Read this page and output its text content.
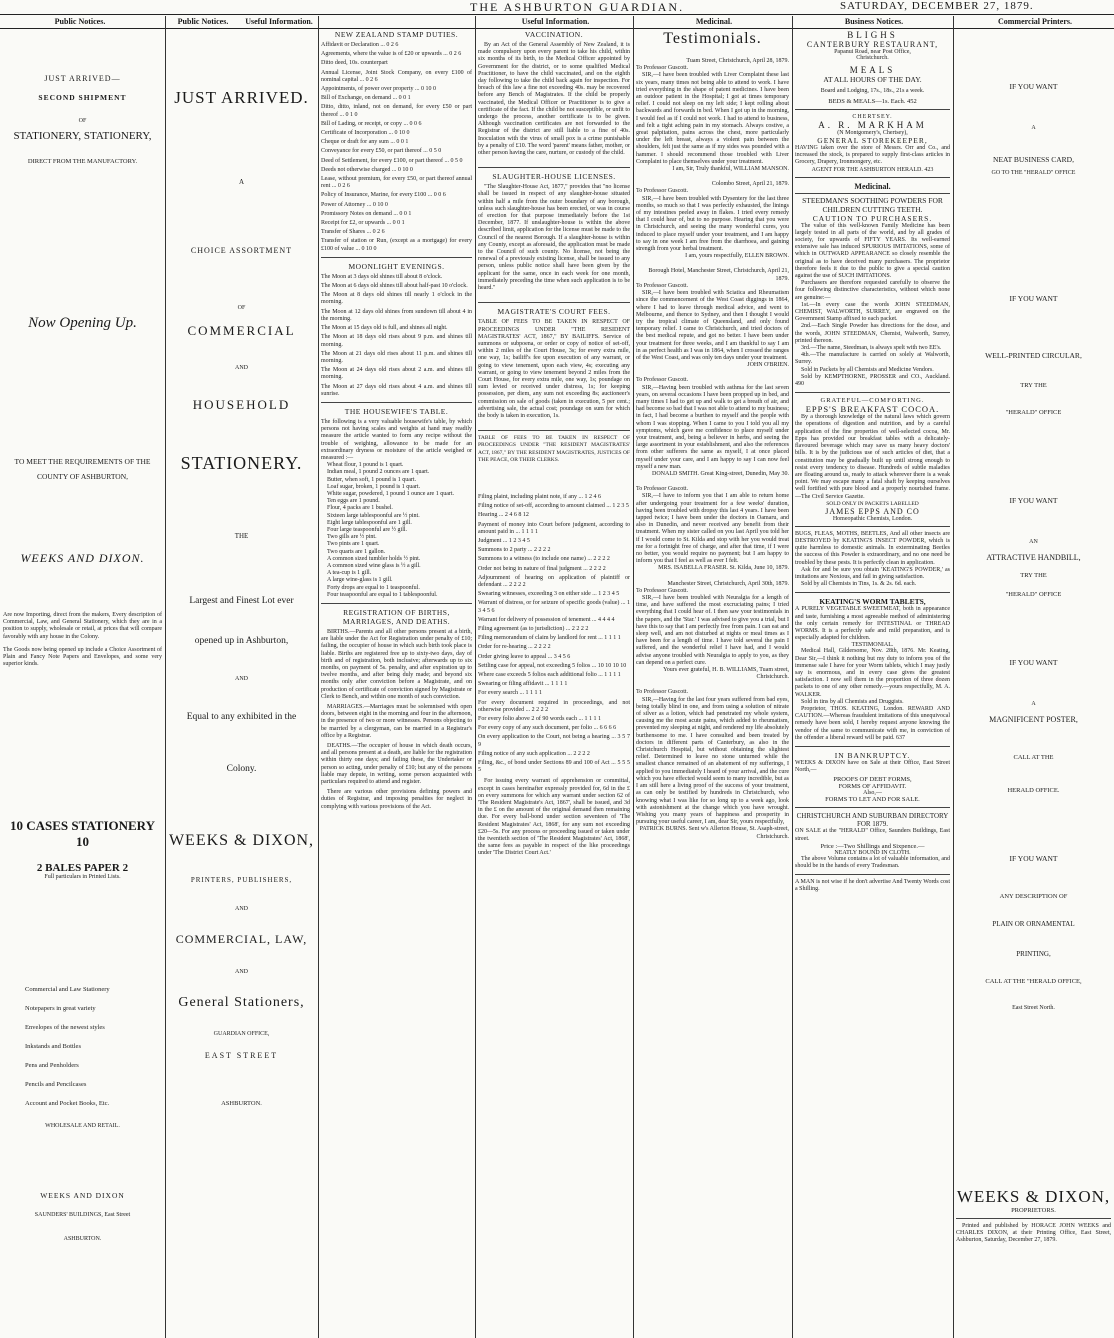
THE ASHBURTON GUARDIAN.	SATURDAY, DECEMBER 27, 1879.
Public Notices.	Public Notices.	Useful Information.	Useful Information.	Medicinal.	Business Notices.	Commercial Printers.
JUST ARRIVED—
SECOND SHIPMENT
OF
STATIONERY, STATIONERY,
DIRECT FROM THE MANUFACTORY.
Now Opening Up.
TO MEET THE REQUIREMENTS OF THE
COUNTY OF ASHBURTON,
WEEKS AND DIXON.
Are now Importing, direct from the makers, Every description of Commercial, Law, and General Stationery, which they are in a position to supply, wholesale or retail, at prices that will compare favorably with any house in the Colony.
The Goods now being opened up include a Choice Assortment of Plain and Fancy Note Papers and Envelopes, and some very superior kinds.
10 CASES STATIONERY 10
2 BALES PAPER 2
Full particulars in Printed Lists.
Commercial and Law Stationery
Notepapers in great variety
Envelopes of the newest styles
Inkstands and Bottles
Pens and Penholders
Pencils and Pencilcases
Account and Pocket Books, Etc.
WHOLESALE AND RETAIL.
WEEKS AND DIXON
SAUNDERS' BUILDINGS, East Street
ASHBURTON.
JUST ARRIVED.
A
CHOICE ASSORTMENT
OF
COMMERCIAL
AND
HOUSEHOLD
STATIONERY.
THE
Largest and Finest Lot ever
opened up in Ashburton,
AND
Equal to any exhibited in the
Colony.
WEEKS & DIXON,
PRINTERS, PUBLISHERS,
AND
COMMERCIAL, LAW,
AND
General Stationers,
GUARDIAN OFFICE,
EAST STREET
ASHBURTON.
NEW ZEALAND STAMP DUTIES.
Affidavit or Declaration ... 0 2 6
Agreements, where the value is of £20 or upwards ... 0 2 6
Ditto deed, 10s. counterpart
Annual License, Joint Stock Company, on every £100 of nominal capital ... 0 2 6
Appointments, of power over property ... 0 10 0
Bill of Exchange, on demand ... 0 0 1
Ditto, ditto, inland, not on demand, for every £50 or part thereof ... 0 1 0
Bill of Lading, or receipt, or copy ... 0 0 6
Certificate of Incorporation ... 0 10 0
Cheque or draft for any sum ... 0 0 1
Conveyance for every £50, or part thereof ... 0 5 0
Deed of Settlement, for every £100, or part thereof ... 0 5 0
Deeds not otherwise charged ... 0 10 0
Lease, without premium, for every £50, or part thereof annual rent ... 0 2 6
Policy of Insurance, Marine, for every £100 ... 0 0 6
Power of Attorney ... 0 10 0
Promissory Notes on demand ... 0 0 1
Receipt for £2, or upwards ... 0 0 1
Transfer of Shares ... 0 2 6
Transfer of station or Run, (except as a mortgage) for every £100 of value ... 0 10 0
MOONLIGHT EVENINGS.
The Moon at 3 days old shines till about 8 o'clock.
The Moon at 6 days old shines till about half-past 10 o'clock.
The Moon at 8 days old shines till nearly 1 o'clock in the morning.
The Moon at 12 days old shines from sundown till about 4 in the morning.
The Moon at 15 days old is full, and shines all night.
The Moon at 18 days old rises about 9 p.m. and shines till morning.
The Moon at 21 days old rises about 11 p.m. and shines till morning.
The Moon at 24 days old rises about 2 a.m. and shines till morning.
The Moon at 27 days old rises about 4 a.m. and shines till sunrise.
THE HOUSEWIFE'S TABLE.
The following is a very valuable housewife's table, by which persons not having scales and weights at hand may readily measure the article wanted to form any recipe without the trouble of weighing, allowance to be made for an extraordinary dryness or moisture of the article weighed or measured :—
Wheat flour, 1 pound is 1 quart.
Indian meal, 1 pound 2 ounces are 1 quart.
Butter, when soft, 1 pound is 1 quart.
Loaf sugar, broken, 1 pound is 1 quart.
White sugar, powdered, 1 pound 1 ounce are 1 quart.
Ten eggs are 1 pound.
Flour, 4 packs are 1 bushel.
Sixteen large tablespoonful are ½ pint.
Eight large tablespoonful are 1 gill.
Four large teaspoonful are ½ gill.
Two gills are ½ pint.
Two pints are 1 quart.
Two quarts are 1 gallon.
A common sized tumbler holds ½ pint.
A common sized wine glass is ½ a gill.
A tea-cup is 1 gill.
A large wine-glass is 1 gill.
Forty drops are equal to 1 teaspoonful.
Four teaspoonful are equal to 1 tablespoonful.
REGISTRATION OF BIRTHS, MARRIAGES, AND DEATHS.

BIRTHS.—Parents and all other persons present at a birth, are liable under the Act for Registration under penalty of £10; failing, the occupier of house in which such birth took place is liable. Births are registered free up to sixty-two days, day of birth and of registration, both inclusive; afterwards up to six months, on payment of 5s. penalty, and after expiration up to twelve months, and after being duly made; and beyond six months only after conviction before a Magistrate, and on production of certificate of conviction signed by Magistrate or Clerk to Bench, and within one month of such conviction.

MARRIAGES.—Marriages must be solemnised with open doors, between eight in the morning and four in the afternoon, in the presence of two or more witnesses. Persons objecting to be married by a clergyman, can be married in a Registrar's office by a Registrar.

DEATHS.—The occupier of house in which death occurs, and all persons present at a death, are liable for the registration within thirty one days; and failing these, the Undertaker or person so acting, under penalty of £10; but any of the persons liable may depute, in writing, some person acquainted with particulars required to attend and register.

There are various other provisions defining powers and duties of Registrar, and imposing penalties for neglect in complying with various provisions of the Act.

VACCINATION.
By an Act of the General Assembly of New Zealand, it is made compulsory upon every parent to take his child, within six months of its birth, to the Medical Officer appointed by Government for the district, or to some qualified Medical Practitioner, to have the child vaccinated, and on the eighth day following to take the child back again for inspection. For breach of this law a fine not exceeding 40s. may be recovered before any Bench of Magistrates. If the child be properly vaccinated, the Medical Officer or Practitioner is to give a certificate of the fact. If the child be not susceptible, or unfit to undergo the process, another certificate is to be given. Although vaccination certificates are not forwarded to the Registrar of the district are still liable to a fine of 40s. Inoculation with the virus of small pox is a crime punishable by a penalty of £10. The word 'parent' means father, mother, or other person having the care, nurture, or custody of the child.
SLAUGHTER-HOUSE LICENSES.
"The Slaughter-House Act, 1877," provides that "no license shall be issued in respect of any slaughter-house situated within half a mile from the outer boundary of any borough, unless such slaughter-house has been erected, or was in course of erection for that purpose immediately before the 1st December, 1877. If unslaughter-house is within the above described limit, application for the license must be made to the Council of the nearest Borough. If a slaughter-house is within any County, except as aforesaid, the application must be made to the Council of such county. No license, not being the renewal of a previously existing license, shall be issued to any person, unless public notice shall have been given by the applicant for the same, once in each week for one month, immediately preceding the time when such application is to be heard."
MAGISTRATE'S COURT FEES.
TABLE OF FEES TO BE TAKEN IN RESPECT OF PROCEEDINGS UNDER "THE RESIDENT MAGISTRATES' ACT, 1867," BY BAILIFFS. Service of summons or subpoena, or order or copy of notice of set-off, within 2 miles of the Court House, 3s; for every extra mile, one way, 1s; bailiff's fee upon execution of any warrant, or going to view tenement, upon each view, 4s; executing any warrant, or going to view tenement beyond 2 miles from the Court House, for every extra mile, one way, 1s; poundage on sum levied or received under distress, 1s; for keeping possession, per diem, any sum not exceeding 8s; auctioneer's commission on sale of goods (taken in execution, 5 per cent.; advertising sale, the actual cost; poundage on sum for which the body is taken in execution, 1s.
TABLE OF FEES TO BE TAKEN IN RESPECT OF PROCEEDINGS UNDER "THE RESIDENT MAGISTRATES' ACT, 1867," BY THE RESIDENT MAGISTRATES, JUSTICES OF THE PEACE, OR THEIR CLERKS.
Filing plaint, including plaint note, if any ... 1 2 4 6
Filing notice of set-off, according to amount claimed ... 1 2 3 5
Hearing ... 2 4 6 8 12
Payment of money into Court before judgment, according to amount paid in ... 1 1 1 1
Judgment ... 1 2 3 4 5
Summons to 2 party ... 2 2 2 2
Summons to a witness (to include one name) ... 2 2 2 2
Order not being in nature of final judgment ... 2 2 2 2
Adjournment of hearing on application of plaintiff or defendant ... 2 2 2 2
Swearing witnesses, exceeding 3 on either side ... 1 2 3 4 5
Warrant of distress, or for seizure of specific goods (value) ... 1 3 4 5 6
Warrant for delivery of possession of tenement ... 4 4 4 4
Filing agreement (as to jurisdiction) ... 2 2 2 2
Filing memorandum of claim by landlord for rent ... 1 1 1 1
Order for re-hearing ... 2 2 2 2
Order giving leave to appeal ... 3 4 5 6
Settling case for appeal, not exceeding 5 folios ... 10 10 10 10
Where case exceeds 5 folios each additional folio ... 1 1 1 1
Swearing or filing affidavit ... 1 1 1 1
For every search ... 1 1 1 1
For every document required in proceedings, and not otherwise provided ... 2 2 2 2
For every folio above 2 of 90 words each ... 1 1 1 1
For every copy of any such document, per folio ... 6 6 6 6
On every application to the Court, not being a hearing ... 3 5 7 9
Filing notice of any such application ... 2 2 2 2
Filing, &c., of bond under Sections 89 and 100 of Act ... 5 5 5 5
For issuing every warrant of apprehension or committal, except in cases hereinafter expressly provided for, 6d in the £ on every summons for which any warrant under section 62 of 'The Resident Magistrate's Act, 1867', shall be issued, and 3d in the £ on the amount of the original demand then remaining due. For every ball-bond under section seventeen of 'The Resident Magistrates' Act, 1868', for any sum not exceeding £20—5s. For any process or proceeding issued or taken under the twentieth section of 'The Resident Magistrates' Act, 1868', the same fees as payable in respect of the like proceedings under 'The District Court Act.'
Testimonials.
Tuam Street, Christchurch, April 28, 1879.
To Professor Guscott.
SIR,—I have been troubled with Liver Complaint these last six years, many times not being able to attend to work. I have tried everything in the shape of patent medicines. I have been an outdoor patient in the Hospital; I got at times temporary relief. I could not sleep on my left side; I kept rolling about backwards and forwards in bed. When I got up in the morning, I would feel as if I could not work. I had to attend to business, and felt a tight aching pain in my stomach. Always costive, a great palpitation, pains across the chest, more particularly under the left breast, always a violent pain between the shoulders, felt just the same as if my sides was pounded with a hammer. I should recommend those troubled with Liver Complaint to place themselves under your treatment.
I am, Sir, Truly thankful, WILLIAM MANSON.
Colombo Street, April 21, 1879.
To Professor Guscott.
SIR,—I have been troubled with Dysentery for the last three months, so much so that I was perfectly exhausted, the linings of my intestines peeled away in flakes. I tried every remedy that I could hear of, but to no purpose. Hearing that you were in Christchurch, and seeing the many wonderful cures, you induced to place myself under your treatment, and I am happy to say in one week I am free from the diarrhoea, and gaining strength from your herbal treatment.
I am, yours respectfully, ELLEN BROWN.
Borough Hotel, Manchester Street, Christchurch, April 21, 1879.
To Professor Guscott.
SIR,—I have been troubled with Sciatica and Rheumatism since the commencement of the West Coast diggings in 1864, where I had to leave through medical advice, and went to Melbourne, and thence to Sydney, and then I thought I would try the tropical climate of Queensland, and only found temporary relief. I came to Christchurch, and tried doctors of the best medical repute, and got no better. I have been under your treatment for three weeks, and I am thankful to say I am in as perfect health as I was in 1864, when I crossed the ranges of the West Coast, and was only ten days under your treatment.
JOHN O'BRIEN.
To Professor Guscott.
SIR,—Having been troubled with asthma for the last seven years, on several occasions I have been propped up in bed, and many times I had to get up and walk to get a breath of air, and had become so bad that I was not able to attend to my business; in fact, I had become a burthen to myself and the people with whom I was stopping. When I came to you I told you all my symptoms, which gave me confidence to place myself under your treatment, and, being a believer in herbs, and seeing the large assortment in your establishment, and also the references from other sufferers the same as myself, I at once placed myself under your care, and I am happy to say I can now feel myself a new man.
DONALD SMITH. Great King-street, Dunedin, May 30.
To Professor Guscott.
SIR,—I have to inform you that I am able to return home after undergoing your treatment for a few weeks' duration, having been troubled with dropsy this last 4 years. I have been tapped twice; I have been under the doctors in Oamaru, and also in Dunedin, and never received any benefit from their treatment. When my sister called on you last April you told her if I would come to St. Kilda and stop with her you would treat me for a fortnight free of charge, and after that time, if I were no better, you would require no payment; but I am happy to inform you that I feel as well as ever I felt.
MRS. ISABELLA FRASER. St. Kilda, June 10, 1879.
Manchester Street, Christchurch, April 30th, 1879.
To Professor Guscott.
SIR,—I have been troubled with Neuralgia for a length of time, and have suffered the most excruciating pains; I tried everything that I could hear of. I then saw your testimonials in the papers, and the 'Star.' I was advised to give you a trial, but I have this to say that I am perfectly free from pain. I can eat and sleep well, and am not disturbed at nights or meal times as I have been for a length of time. I have told several the pain I suffered, and the wonderful relief I have had, and I would advise anyone troubled with Neuralgia to apply to you, as they can depend on a perfect cure.
Yours ever grateful, H. B. WILLIAMS, Tuam street, Christchurch.
To Professor Guscott.
SIR,—Having for the last four years suffered from bad eyes, being totally blind in one, and from using a solution of nitrate of silver as a lotion, which had penetrated my whole system, causing me the most acute pains, which added to rheumatism, prevented my sleeping at night, and rendered my life absolutely burthensome to me. I have consulted and been treated by doctors in different parts of Canterbury, as also in the Christchurch Hospital, but without obtaining the slightest relief. Determined to leave no stone unturned while the smallest chance remained of an abatement of my sufferings, I applied to you immediately I heard of your arrival, and the cure which you have effected would seem to many incredible, but as I am still here a living proof of the success of your treatment, as can only be testified by hundreds in Christchurch, who knowing what I was like for so long up to a week ago, look with astonishment at the change which you have wrought. Wishing you many years of happiness and prosperity in pursuing your useful career, I am, dear Sir, yours respectfully,
PATRICK BURNS. Sent w's Allerton House, St. Asaph-street, Christchurch.
BLIGHS
CANTERBURY RESTAURANT,
Papanui Road, near Post Office,
Christchurch.
MEALS
AT ALL HOURS OF THE DAY.
Board and Lodging, 17s., 18s., 21s a week.
BEDS & MEALS—1s. Each. 452
CHERTSEY.
A. R. MARKHAM
(N Montgomery's, Chertsey),
GENERAL STOREKEEPER,
HAVING taken over the store of Messrs. Orr and Co., and increased the stock, is prepared to supply first-class articles in Grocery, Drapery, Ironmongery, etc.
AGENT FOR THE ASHBURTON HERALD. 423
Medicinal.
STEEDMAN'S SOOTHING POWDERS FOR CHILDREN CUTTING TEETH.
CAUTION TO PURCHASERS.
The value of this well-known Family Medicine has been largely tested in all parts of the world, and by all grades of society, for upwards of FIFTY YEARS. Its well-earned extensive sale has induced SPURIOUS IMITATIONS, some of which in OUTWARD APPEARANCE so closely resemble the original as to have deceived many purchasers. The proprietor therefore feels it due to the public to give a special caution against the use of SUCH IMITATIONS.
Purchasers are therefore requested carefully to observe the four following distinctive characteristics, without which none are genuine:—
1st.—In every case the words JOHN STEEDMAN, CHEMIST, WALWORTH, SURREY, are engraved on the Government Stamp affixed to each packet.
2nd.—Each Single Powder has directions for the dose, and the words, JOHN STEEDMAN, Chemist, Walworth, Surrey, printed thereon.
3rd.—The name, Steedman, is always spelt with two EE's.
4th.—The manufacture is carried on solely at Walworth, Surrey.
Sold in Packets by all Chemists and Medicine Vendors.
Sold by KEMPTHORNE, PROSSER and CO., Auckland. 490
GRATEFUL—COMFORTING.
EPPS'S BREAKFAST COCOA.
By a thorough knowledge of the natural laws which govern the operations of digestion and nutrition, and by a careful application of the fine properties of well-selected cocoa, Mr. Epps has provided our breakfast tables with a delicately-flavoured beverage which may save us many heavy doctors' bills. It is by the judicious use of such articles of diet, that a constitution may be gradually built up until strong enough to resist every tendency to disease. Hundreds of subtle maladies are floating around us, ready to attack wherever there is a weak point. We may escape many a fatal shaft by keeping ourselves well fortified with pure blood and a properly nourished frame.—The Civil Service Gazette.
SOLD ONLY IN PACKETS LABELLED
JAMES EPPS AND CO
Homeopathic Chemists, London.
BUGS, FLEAS, MOTHS, BEETLES, And all other insects are DESTROYED by KEATING'S INSECT POWDER, which is quite harmless to domestic animals. In exterminating Beetles the success of this Powder is extraordinary, and no one need be troubled by these pests. It is perfectly clean in application.
Ask for and be sure you obtain 'KEATING'S POWDER,' as imitations are Noxious, and fail in giving satisfaction.
Sold by all Chemists in Tins, 1s. & 2s. 6d. each.
KEATING'S WORM TABLETS,
A PURELY VEGETABLE SWEETMEAT, both in appearance and taste, furnishing a most agreeable method of administering the only certain remedy for INTESTINAL or THREAD WORMS. It is a perfectly safe and mild preparation, and is especially adapted for children.
TESTIMONIAL.
Medical Hall, Gildersome, Nov. 28th, 1876. Mr. Keating, Dear Sir,—I think it nothing but my duty to inform you of the immense sale I have for your Worm tablets, which I may justly say is enormous, and in every case gives the greatest satisfaction. I now sell them in the proportion of three dozen packets to one of any other remedy.—yours respectfully, M. A. WALKER.
Sold in tins by all Chemists and Druggists.
Proprietor, THOS. KEATING, London. REWARD AND CAUTION.—Whereas fraudulent imitations of this unequivocal remedy have been sold, I hereby request anyone knowing the vendor of the same to communicate with me, in conviction of the offender a liberal reward will be paid. 637
IN BANKRUPTCY.
WEEKS & DIXON have on Sale at their Office, East Street North,—
PROOFS OF DEBT FORMS,
FORMS OF AFFIDAVIT.
Also,—
FORMS TO LET AND FOR SALE.
CHRISTCHURCH AND SUBURBAN DIRECTORY FOR 1879.
ON SALE at the "HERALD" Office, Saunders Buildings, East street.
Price :—Two Shillings and Sixpence.—
NEATLY BOUND IN CLOTH.
The above Volume contains a lot of valuable information, and should be in the hands of every Tradesman.
A MAN is not wise if he don't advertise And Twenty Words cost a Shilling.
IF YOU WANT
A
NEAT BUSINESS CARD,
GO TO THE "HERALD" OFFICE
IF YOU WANT
WELL-PRINTED CIRCULAR,
TRY THE
"HERALD" OFFICE
IF YOU WANT
AN
ATTRACTIVE HANDBILL,
TRY THE
"HERALD" OFFICE
IF YOU WANT
A
MAGNIFICENT POSTER,
CALL AT THE
HERALD OFFICE.
IF YOU WANT
ANY DESCRIPTION OF
PLAIN OR ORNAMENTAL
PRINTING,
CALL AT THE "HERALD OFFICE,
East Street North.
WEEKS & DIXON,
PROPRIETORS.
Printed and published by HORACE JOHN WEEKS and CHARLES DIXON, at their Printing Office, East Street, Ashburton, Saturday, December 27, 1879.
